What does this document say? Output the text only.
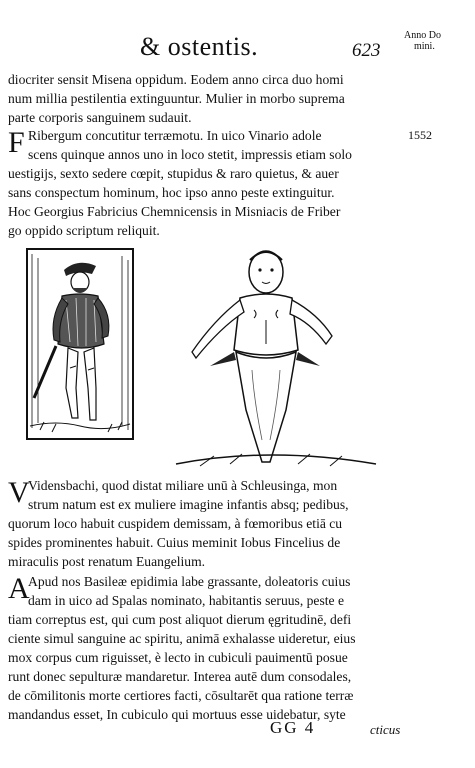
& ostentis.	623
Anno Do
mini.
diocriter sensit Misena oppidum. Eodem anno circa duo homi
num millia pestilentia extinguuntur. Mulier in morbo suprema
parte corporis sanguinem sudauit.
F Ribergum concutitur terræmotu. In uico Vinario adole	1552
scens quinque annos uno in loco stetit, impressis etiam solo
uestigijs, sexto sedere cœpit, stupidus & raro quietus, & auer
sans conspectum hominum, hoc ipso anno peste extinguitur.
Hoc Georgius Fabricius Chemnicensis in Misniacis de Friber
go oppido scriptum reliquit.
V
Vidensbachi, quod distat miliare unū à Schleusinga, mon
strum natum est ex muliere imagine infantis absq; pedibus,
quorum loco habuit cuspidem demissam, à fœmoribus etiā cu
spides prominentes habuit. Cuius meminit Iobus Fincelius de
miraculis post renatum Euangelium.
A
Apud nos Basileæ epidimia labe grassante, doleatoris cuius
dam in uico ad Spalas nominato, habitantis seruus, peste e
tiam correptus est, qui cum post aliquot dierum ęgritudinē, defi
ciente simul sanguine ac spiritu, animā exhalasse uideretur, eius
mox corpus cum riguisset, è lecto in cubiculi pauimentū posue
runt donec sepulturæ mandaretur. Interea autē dum consodales,
de cōmilitonis morte certiores facti, cōsultarēt qua ratione terræ
mandandus esset, In cubiculo qui mortuus esse uidebatur, syte
GG 4	cticus
